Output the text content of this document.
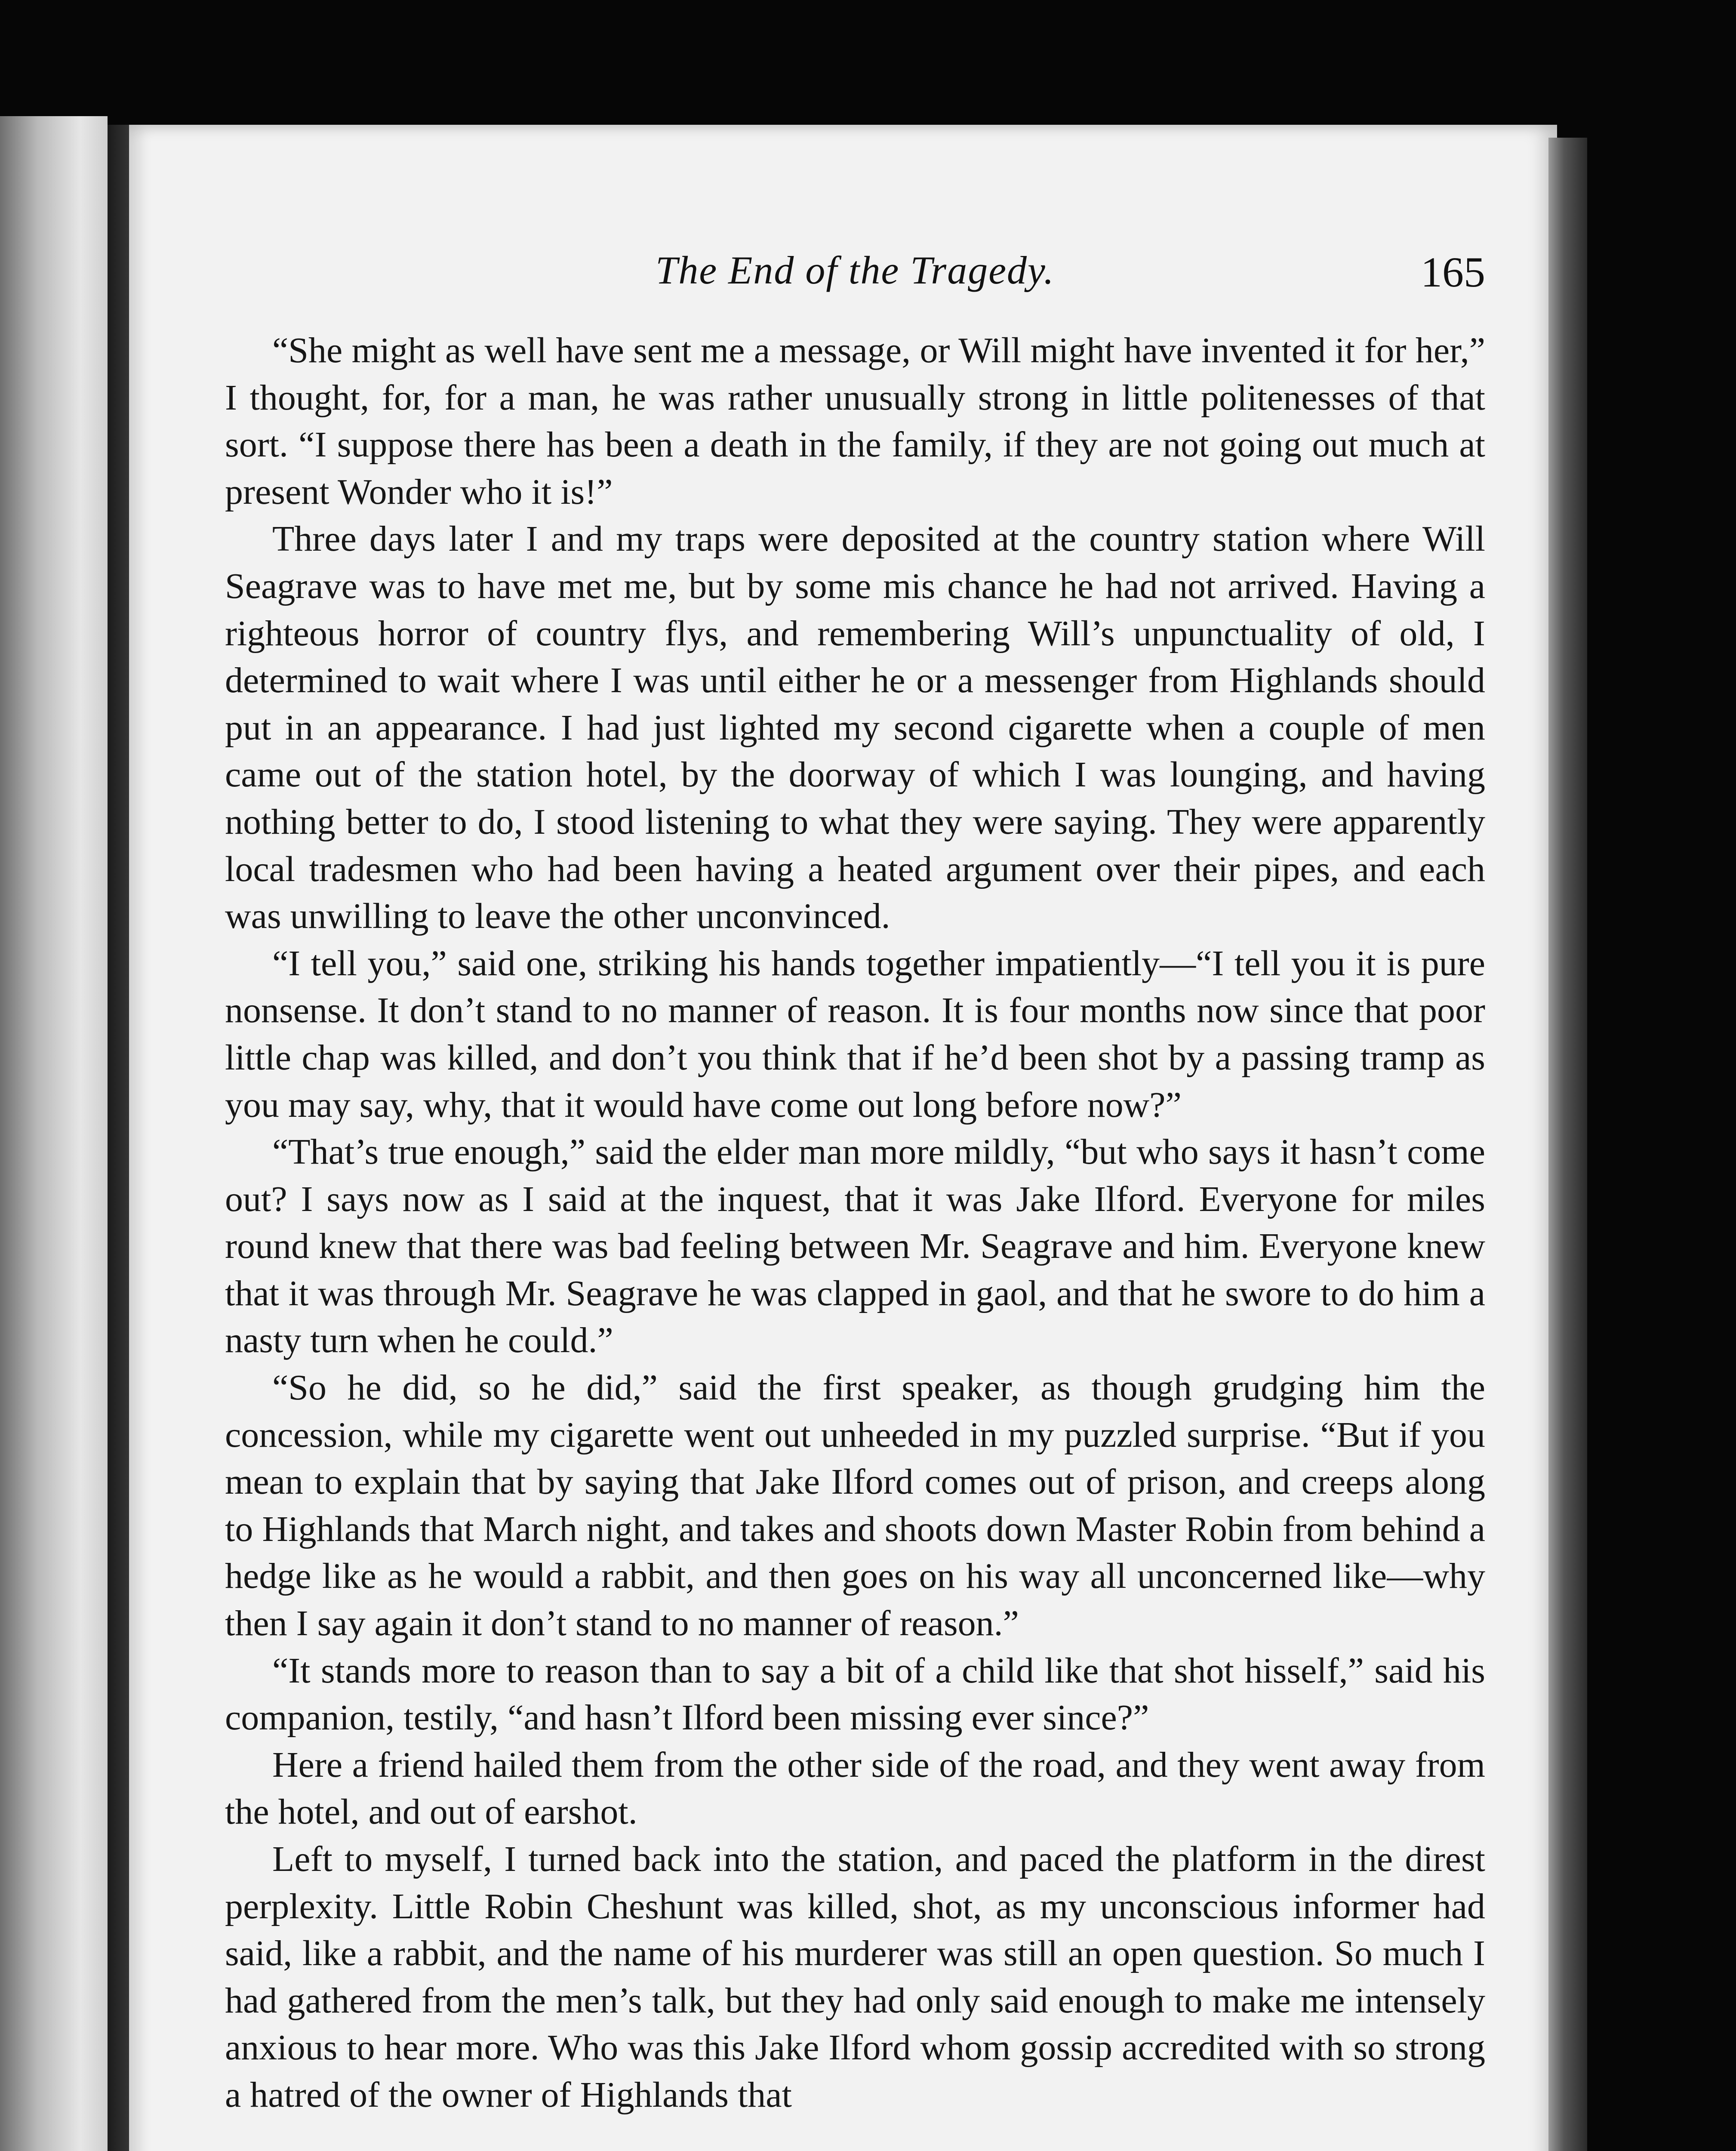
The End of the Tragedy.	165

“She might as well have sent me a message, or Will might have invented it for her,” I thought, for, for a man, he was rather unusually strong in little politenesses of that sort. “I suppose there has been a death in the family, if they are not going out much at present Wonder who it is!”

Three days later I and my traps were deposited at the country station where Will Seagrave was to have met me, but by some mis chance he had not arrived. Having a righteous horror of country flys, and remembering Will’s unpunctuality of old, I determined to wait where I was until either he or a messenger from Highlands should put in an appearance. I had just lighted my second cigarette when a couple of men came out of the station hotel, by the doorway of which I was lounging, and having nothing better to do, I stood listening to what they were saying. They were apparently local tradesmen who had been having a heated argument over their pipes, and each was unwilling to leave the other unconvinced.

“I tell you,” said one, striking his hands together impatiently—“I tell you it is pure nonsense. It don’t stand to no manner of reason. It is four months now since that poor little chap was killed, and don’t you think that if he’d been shot by a passing tramp as you may say, why, that it would have come out long before now?”

“That’s true enough,” said the elder man more mildly, “but who says it hasn’t come out? I says now as I said at the inquest, that it was Jake Ilford. Everyone for miles round knew that there was bad feeling between Mr. Seagrave and him. Everyone knew that it was through Mr. Seagrave he was clapped in gaol, and that he swore to do him a nasty turn when he could.”

“So he did, so he did,” said the first speaker, as though grudging him the concession, while my cigarette went out unheeded in my puzzled surprise. “But if you mean to explain that by saying that Jake Ilford comes out of prison, and creeps along to Highlands that March night, and takes and shoots down Master Robin from behind a hedge like as he would a rabbit, and then goes on his way all unconcerned like—why then I say again it don’t stand to no manner of reason.”

“It stands more to reason than to say a bit of a child like that shot hisself,” said his companion, testily, “and hasn’t Ilford been missing ever since?”

Here a friend hailed them from the other side of the road, and they went away from the hotel, and out of earshot.

Left to myself, I turned back into the station, and paced the platform in the direst perplexity. Little Robin Cheshunt was killed, shot, as my unconscious informer had said, like a rabbit, and the name of his murderer was still an open question. So much I had gathered from the men’s talk, but they had only said enough to make me intensely anxious to hear more. Who was this Jake Ilford whom gossip accredited with so strong a hatred of the owner of Highlands that
